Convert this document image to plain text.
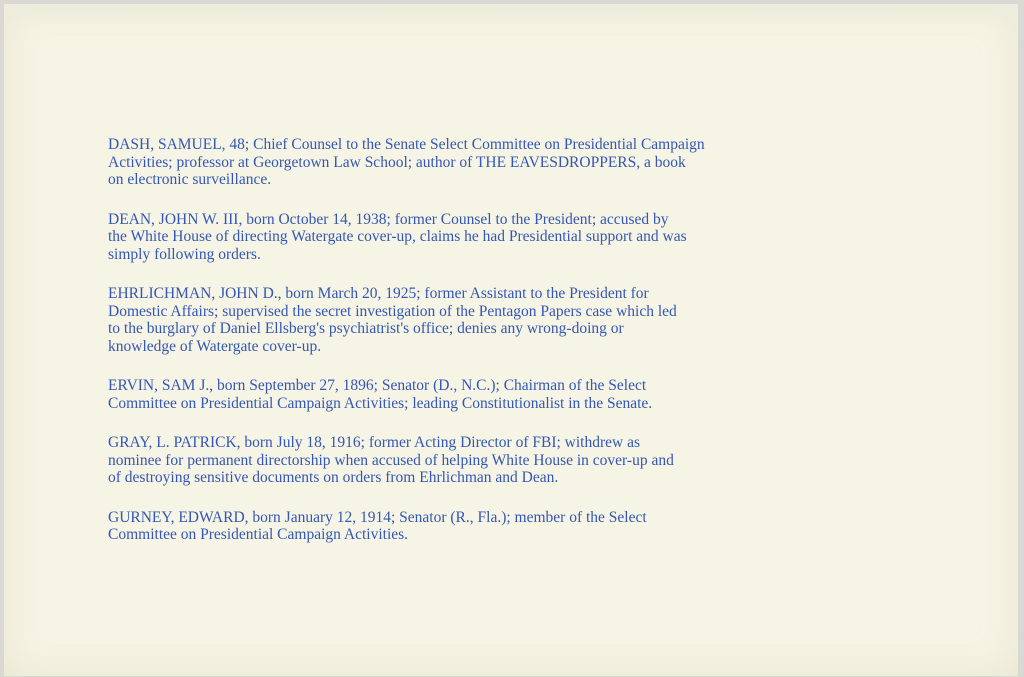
DASH, SAMUEL, 48; Chief Counsel to the Senate Select Committee on Presidential Campaign
Activities; professor at Georgetown Law School; author of THE EAVESDROPPERS, a book
on electronic surveillance.
DEAN, JOHN W. III, born October 14, 1938; former Counsel to the President; accused by
the White House of directing Watergate cover-up, claims he had Presidential support and was
simply following orders.
EHRLICHMAN, JOHN D., born March 20, 1925; former Assistant to the President for
Domestic Affairs; supervised the secret investigation of the Pentagon Papers case which led
to the burglary of Daniel Ellsberg's psychiatrist's office; denies any wrong-doing or
knowledge of Watergate cover-up.
ERVIN, SAM J., born September 27, 1896; Senator (D., N.C.); Chairman of the Select
Committee on Presidential Campaign Activities; leading Constitutionalist in the Senate.
GRAY, L. PATRICK, born July 18, 1916; former Acting Director of FBI; withdrew as
nominee for permanent directorship when accused of helping White House in cover-up and
of destroying sensitive documents on orders from Ehrlichman and Dean.
GURNEY, EDWARD, born January 12, 1914; Senator (R., Fla.); member of the Select
Committee on Presidential Campaign Activities.
